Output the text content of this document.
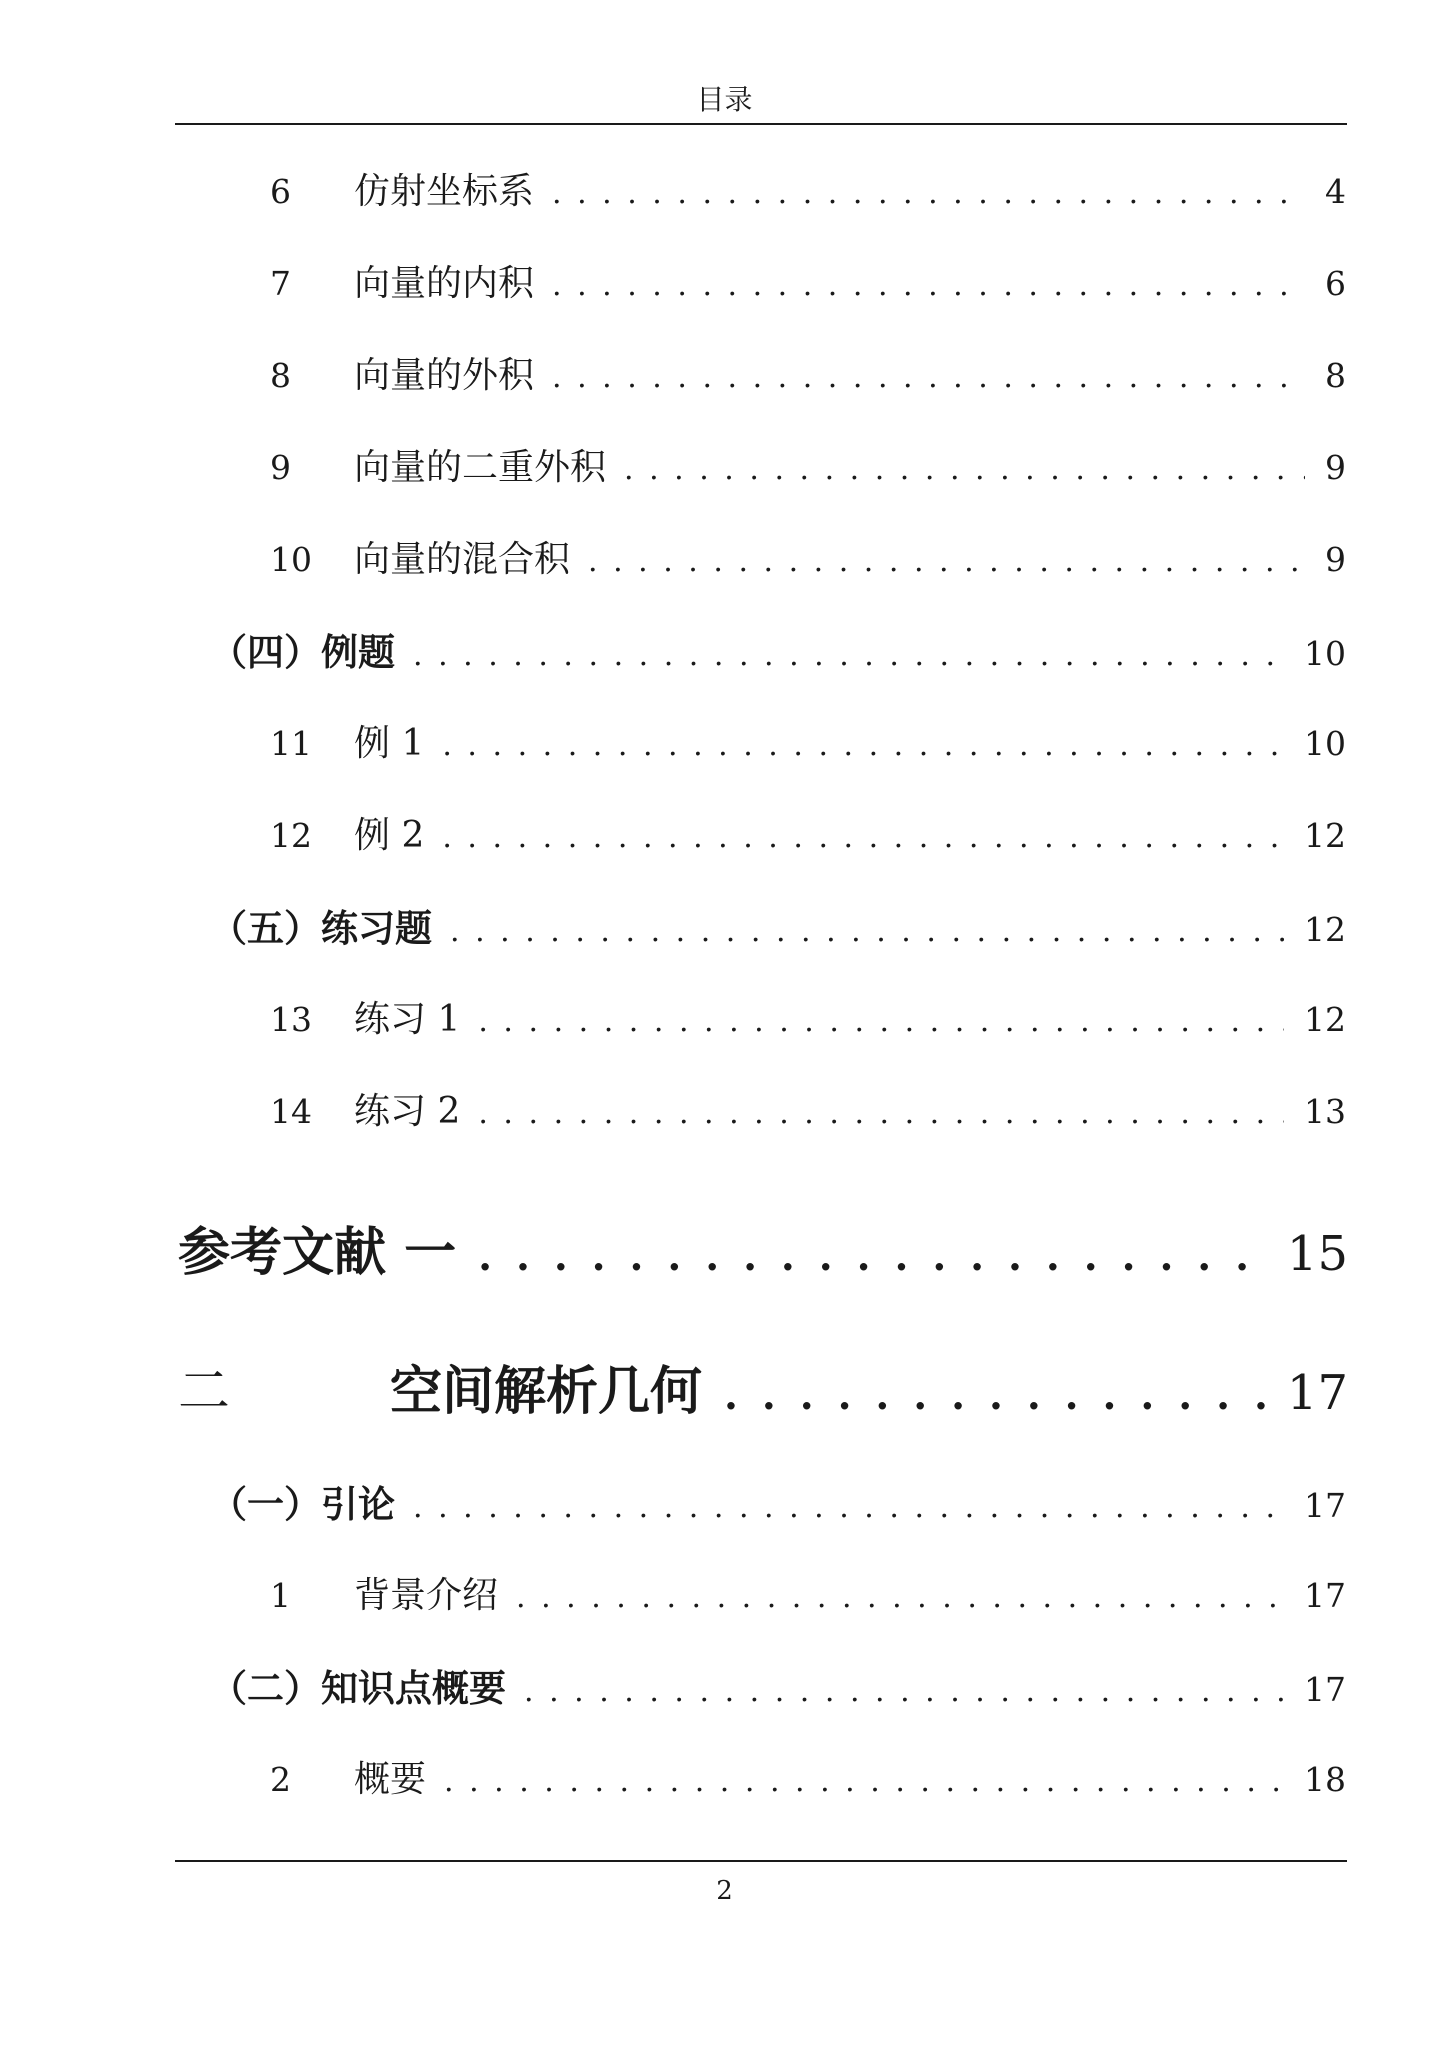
目录
6	仿射坐标系 . . .	4
7	向量的内积 . . .	6
8	向量的外积 . . .	8
9	向量的二重外积 . . .	9
10	向量的混合积 . . .	9
（四）例题 . . .	10
11	例 1 . . .	10
12	例 2 . . .	12
（五）练习题 . . .	12
13	练习 1 . . .	12
14	练习 2 . . .	13
参考文献 一 . . .	15
二	空间解析几何 . . .	17
（一）引论 . . .	17
1	背景介绍 . . .	17
（二）知识点概要 . . .	17
2	概要 . . .	18
2
